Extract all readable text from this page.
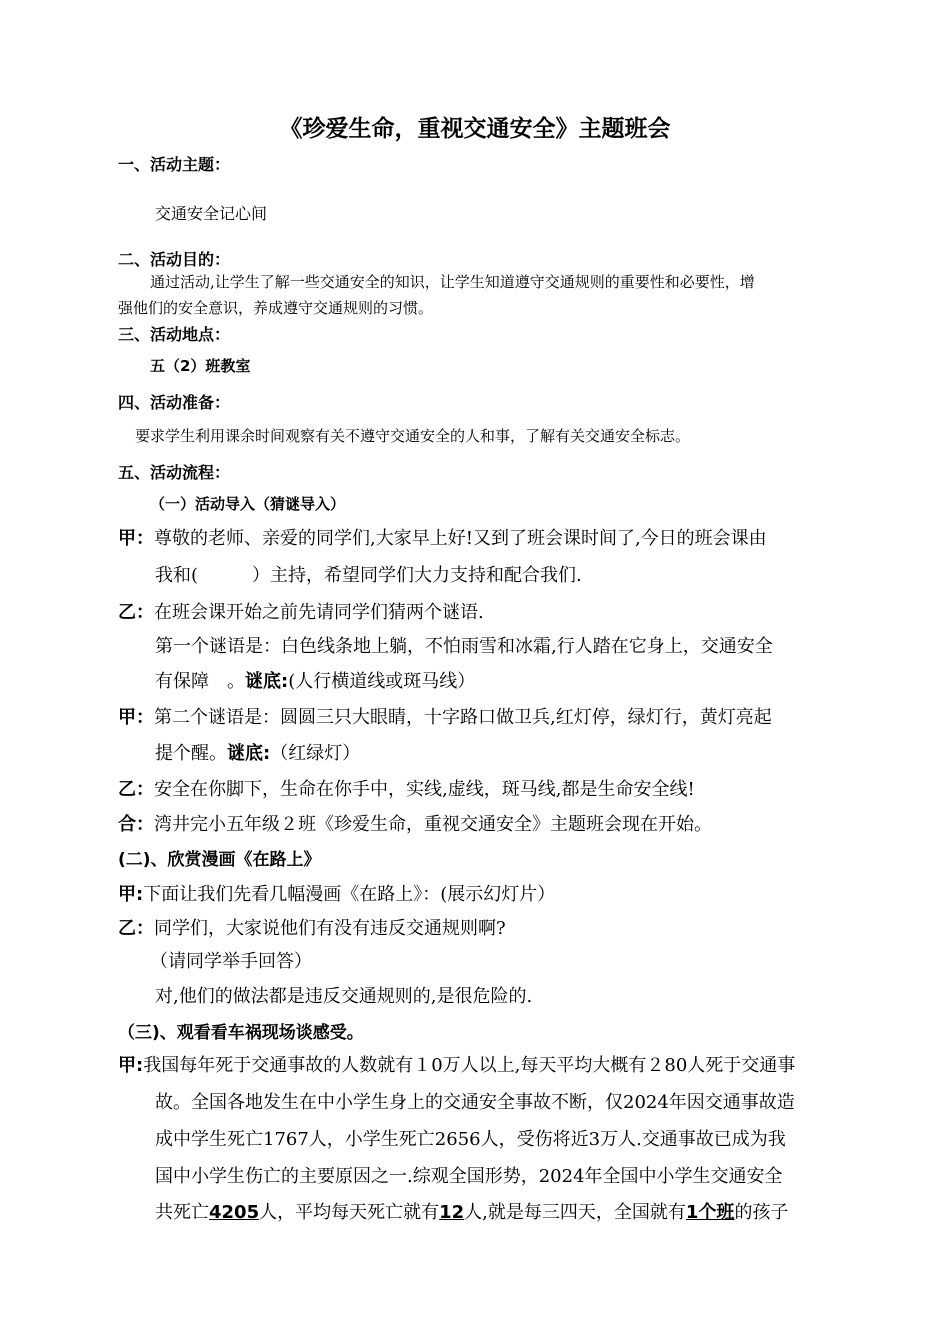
《珍爱生命，重视交通安全》主题班会
一、活动主题：
交通安全记心间
二、活动目的：
通过活动,让学生了解一些交通安全的知识，让学生知道遵守交通规则的重要性和必要性，增
强他们的安全意识，养成遵守交通规则的习惯。
三、活动地点：
五（2）班教室
四、活动准备：
要求学生利用课余时间观察有关不遵守交通安全的人和事，了解有关交通安全标志。
五、活动流程：
（一）活动导入（猜谜导入）
甲：尊敬的老师、亲爱的同学们,大家早上好!又到了班会课时间了,今日的班会课由
我和(　　　）主持，希望同学们大力支持和配合我们.
乙：在班会课开始之前先请同学们猜两个谜语.
第一个谜语是：白色线条地上躺，不怕雨雪和冰霜,行人踏在它身上，交通安全
有保障　。谜底:(人行横道线或斑马线）
甲：第二个谜语是：圆圆三只大眼睛，十字路口做卫兵,红灯停，绿灯行，黄灯亮起
提个醒。谜底:（红绿灯）
乙：安全在你脚下，生命在你手中，实线,虚线，斑马线,都是生命安全线!
合：湾井完小五年级２班《珍爱生命，重视交通安全》主题班会现在开始。
(二)、欣赏漫画《在路上》
甲:下面让我们先看几幅漫画《在路上》：(展示幻灯片）
乙：同学们，大家说他们有没有违反交通规则啊?
（请同学举手回答）
对,他们的做法都是违反交通规则的,是很危险的.
（三)、观看看车祸现场谈感受。
甲:我国每年死于交通事故的人数就有１0万人以上,每天平均大概有２80人死于交通事
故。全国各地发生在中小学生身上的交通安全事故不断，仅2024年因交通事故造
成中学生死亡1767人，小学生死亡2656人，受伤将近3万人.交通事故已成为我
国中小学生伤亡的主要原因之一.综观全国形势，2024年全国中小学生交通安全
共死亡4205人，平均每天死亡就有12人,就是每三四天，全国就有1个班的孩子
